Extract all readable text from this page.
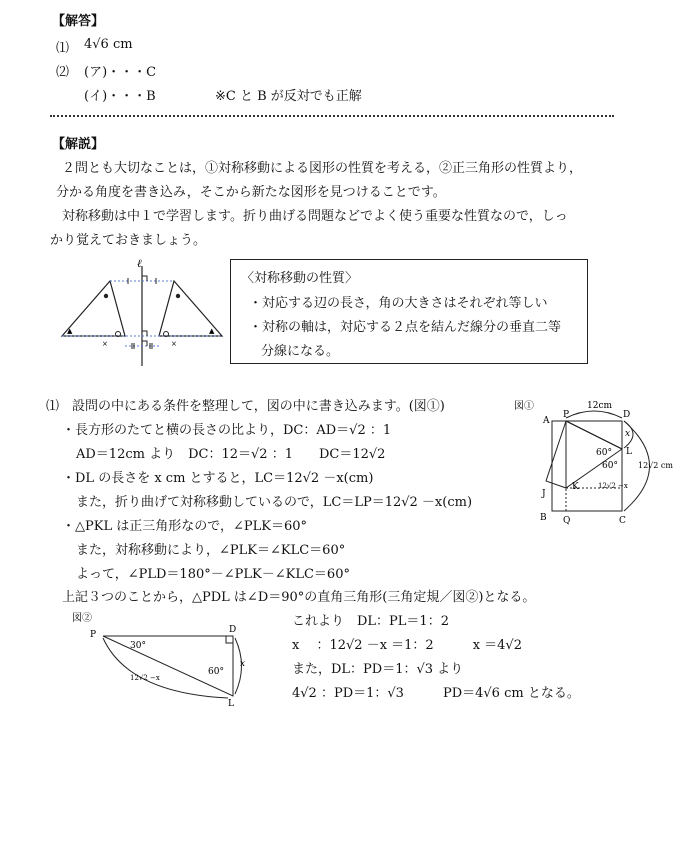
【解答】
⑴ 4√6 cm
⑵ (ア)・・・C
(イ)・・・B	※C と B が反対でも正解
【解説】
２問とも大切なことは，①対称移動による図形の性質を考える，②正三角形の性質より，
分かる角度を書き込み，そこから新たな図形を見つけることです。
対称移動は中１で学習します。折り曲げる問題などでよく使う重要な性質なので，しっ
かり覚えておきましょう。
▲	▲
×	×
ℓ
〈対称移動の性質〉
・対応する辺の長さ，角の大きさはそれぞれ等しい
・対称の軸は，対応する２点を結んだ線分の垂直二等
分線になる。
⑴　設問の中にある条件を整理して，図の中に書き込みます。(図①)
・長方形のたてと横の長さの比より，DC：AD＝√2 ：1
AD＝12cm より　DC：12＝√2 ：1　　DC＝12√2
・DL の長さを x cm とすると，LC＝12√2 －x(cm)
また，折り曲げて対称移動しているので，LC＝LP＝12√2 －x(cm)
・△PKL は正三角形なので，∠PLK＝60°
また，対称移動により，∠PLK＝∠KLC＝60°
よって，∠PLD＝180°－∠PLK－∠KLC＝60°
上記３つのことから，△PDL は∠D＝90°の直角三角形(三角定規／図②)となる。
図①	12cm
A
P	D
L
x
60°
60°	12√2 cm
12√2 −x
J
K
B Q	C
図②
P	D
L
30°
60°
x
12√2 −x
これより　DL：PL＝1：2
x 　：12√2 －x ＝1：2　　　x ＝4√2
また，DL：PD＝1：√3 より
4√2 ：PD＝1：√3　　　PD＝4√6 cm となる。
